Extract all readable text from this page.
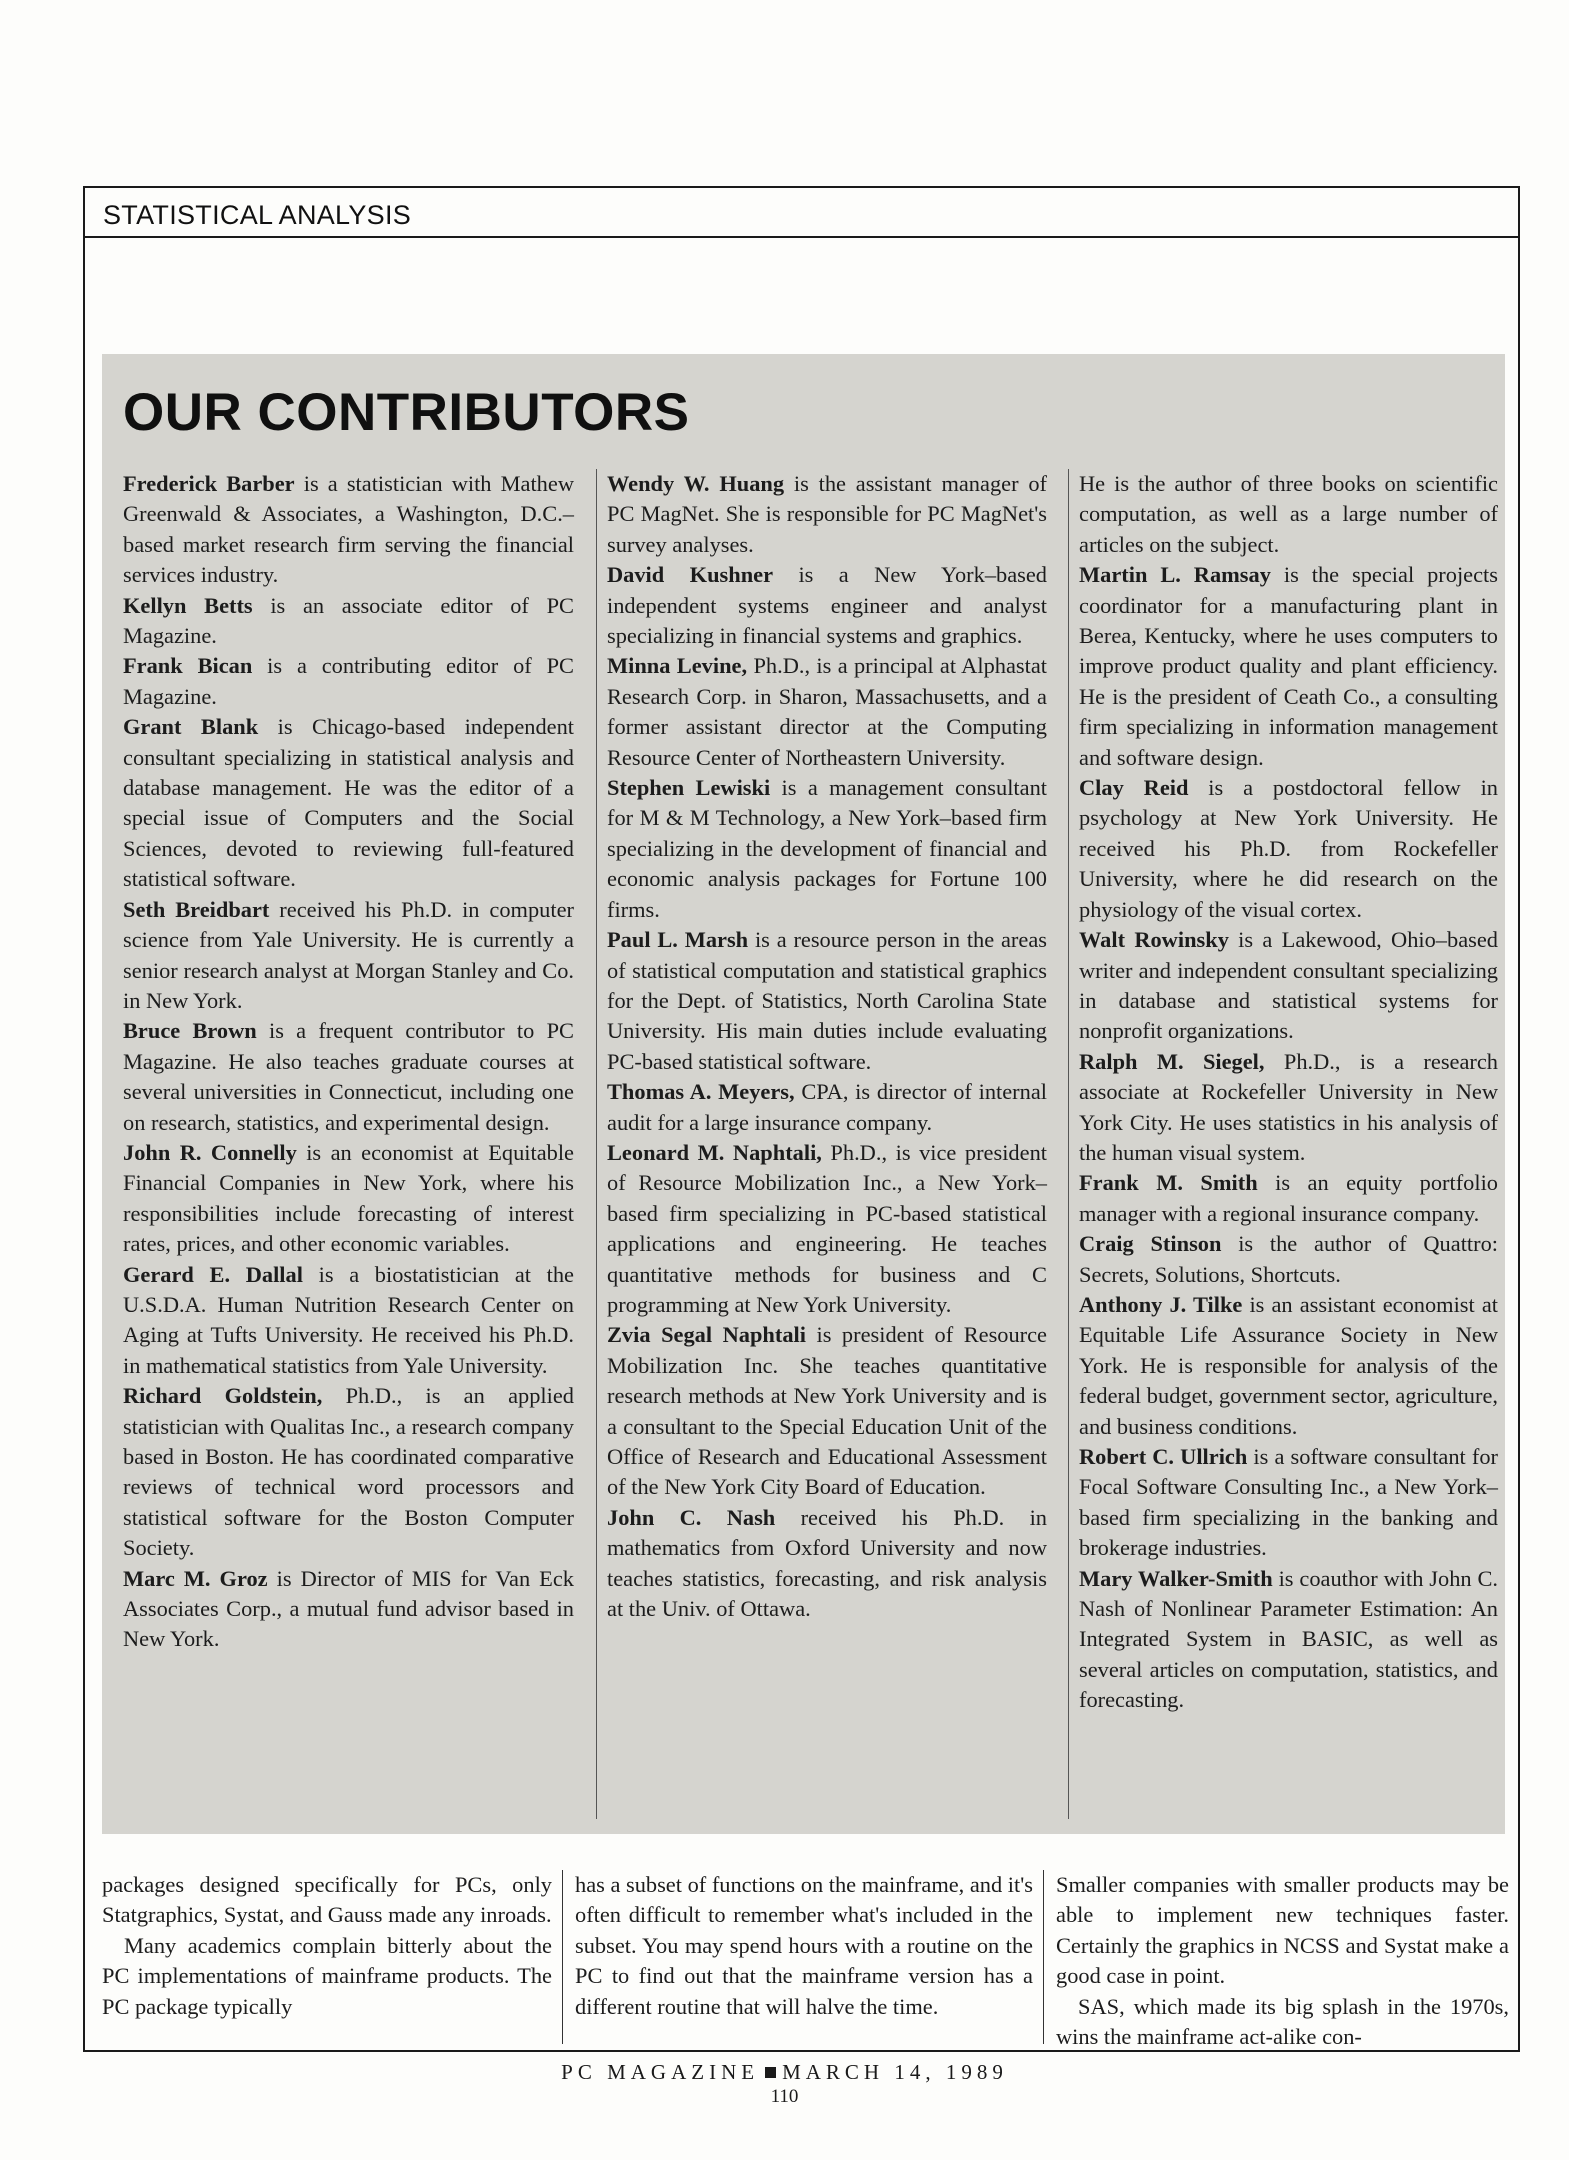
STATISTICAL ANALYSIS
OUR CONTRIBUTORS

Frederick Barber is a statistician with Mathew Greenwald & Associates, a Washington, D.C.–based market research firm serving the financial services industry.

Kellyn Betts is an associate editor of PC Magazine.

Frank Bican is a contributing editor of PC Magazine.

Grant Blank is Chicago-based independent consultant specializing in statistical analysis and database management. He was the editor of a special issue of Computers and the Social Sciences, devoted to reviewing full-featured statistical software.

Seth Breidbart received his Ph.D. in computer science from Yale University. He is currently a senior research analyst at Morgan Stanley and Co. in New York.

Bruce Brown is a frequent contributor to PC Magazine. He also teaches graduate courses at several universities in Connecticut, including one on research, statistics, and experimental design.

John R. Connelly is an economist at Equitable Financial Companies in New York, where his responsibilities include forecasting of interest rates, prices, and other economic variables.

Gerard E. Dallal is a biostatistician at the U.S.D.A. Human Nutrition Research Center on Aging at Tufts University. He received his Ph.D. in mathematical statistics from Yale University.

Richard Goldstein, Ph.D., is an applied statistician with Qualitas Inc., a research company based in Boston. He has coordinated comparative reviews of technical word processors and statistical software for the Boston Computer Society.

Marc M. Groz is Director of MIS for Van Eck Associates Corp., a mutual fund advisor based in New York.

Wendy W. Huang is the assistant manager of PC MagNet. She is responsible for PC MagNet's survey analyses.

David Kushner is a New York–based independent systems engineer and analyst specializing in financial systems and graphics.

Minna Levine, Ph.D., is a principal at Alphastat Research Corp. in Sharon, Massachusetts, and a former assistant director at the Computing Resource Center of Northeastern University.

Stephen Lewiski is a management consultant for M & M Technology, a New York–based firm specializing in the development of financial and economic analysis packages for Fortune 100 firms.

Paul L. Marsh is a resource person in the areas of statistical computation and statistical graphics for the Dept. of Statistics, North Carolina State University. His main duties include evaluating PC-based statistical software.

Thomas A. Meyers, CPA, is director of internal audit for a large insurance company.

Leonard M. Naphtali, Ph.D., is vice president of Resource Mobilization Inc., a New York–based firm specializing in PC-based statistical applications and engineering. He teaches quantitative methods for business and C programming at New York University.

Zvia Segal Naphtali is president of Resource Mobilization Inc. She teaches quantitative research methods at New York University and is a consultant to the Special Education Unit of the Office of Research and Educational Assessment of the New York City Board of Education.

John C. Nash received his Ph.D. in mathematics from Oxford University and now teaches statistics, forecasting, and risk analysis at the Univ. of Ottawa.

He is the author of three books on scientific computation, as well as a large number of articles on the subject.

Martin L. Ramsay is the special projects coordinator for a manufacturing plant in Berea, Kentucky, where he uses computers to improve product quality and plant efficiency. He is the president of Ceath Co., a consulting firm specializing in information management and software design.

Clay Reid is a postdoctoral fellow in psychology at New York University. He received his Ph.D. from Rockefeller University, where he did research on the physiology of the visual cortex.

Walt Rowinsky is a Lakewood, Ohio–based writer and independent consultant specializing in database and statistical systems for nonprofit organizations.

Ralph M. Siegel, Ph.D., is a research associate at Rockefeller University in New York City. He uses statistics in his analysis of the human visual system.

Frank M. Smith is an equity portfolio manager with a regional insurance company.

Craig Stinson is the author of Quattro: Secrets, Solutions, Shortcuts.

Anthony J. Tilke is an assistant economist at Equitable Life Assurance Society in New York. He is responsible for analysis of the federal budget, government sector, agriculture, and business conditions.

Robert C. Ullrich is a software consultant for Focal Software Consulting Inc., a New York–based firm specializing in the banking and brokerage industries.

Mary Walker-Smith is coauthor with John C. Nash of Nonlinear Parameter Estimation: An Integrated System in BASIC, as well as several articles on computation, statistics, and forecasting.

packages designed specifically for PCs, only Statgraphics, Systat, and Gauss made any inroads.

Many academics complain bitterly about the PC implementations of mainframe products. The PC package typically

has a subset of functions on the mainframe, and it's often difficult to remember what's included in the subset. You may spend hours with a routine on the PC to find out that the mainframe version has a different routine that will halve the time.

Smaller companies with smaller products may be able to implement new techniques faster. Certainly the graphics in NCSS and Systat make a good case in point.

SAS, which made its big splash in the 1970s, wins the mainframe act-alike con-

PC MAGAZINE MARCH 14, 1989
110
